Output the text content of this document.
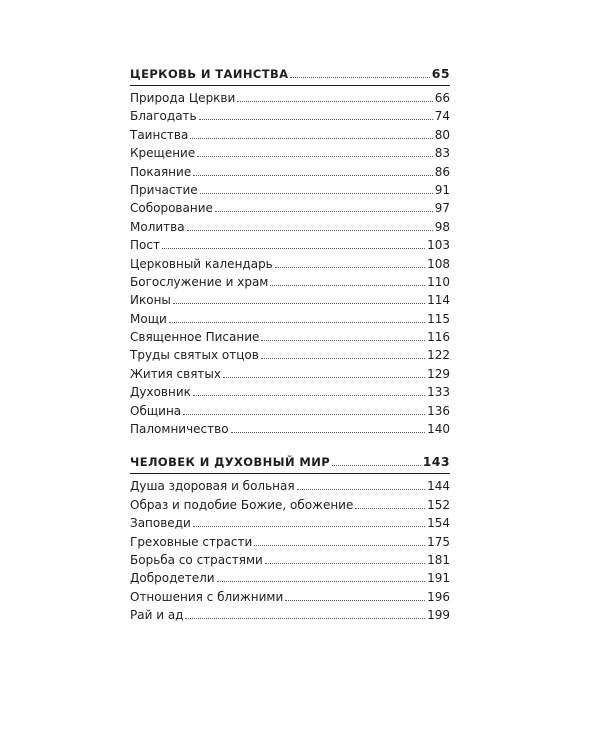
ЦЕРКОВЬ И ТАИНСТВА	65
Природа Церкви	66
Благодать	74
Таинства	80
Крещение	83
Покаяние	86
Причастие	91
Соборование	97
Молитва	98
Пост	103
Церковный календарь	108
Богослужение и храм	110
Иконы	114
Мощи	115
Священное Писание	116
Труды святых отцов	122
Жития святых	129
Духовник	133
Община	136
Паломничество	140
ЧЕЛОВЕК И ДУХОВНЫЙ МИР	143
Душа здоровая и больная	144
Образ и подобие Божие, обожение	152
Заповеди	154
Греховные страсти	175
Борьба со страстями	181
Добродетели	191
Отношения с ближними	196
Рай и ад	199
